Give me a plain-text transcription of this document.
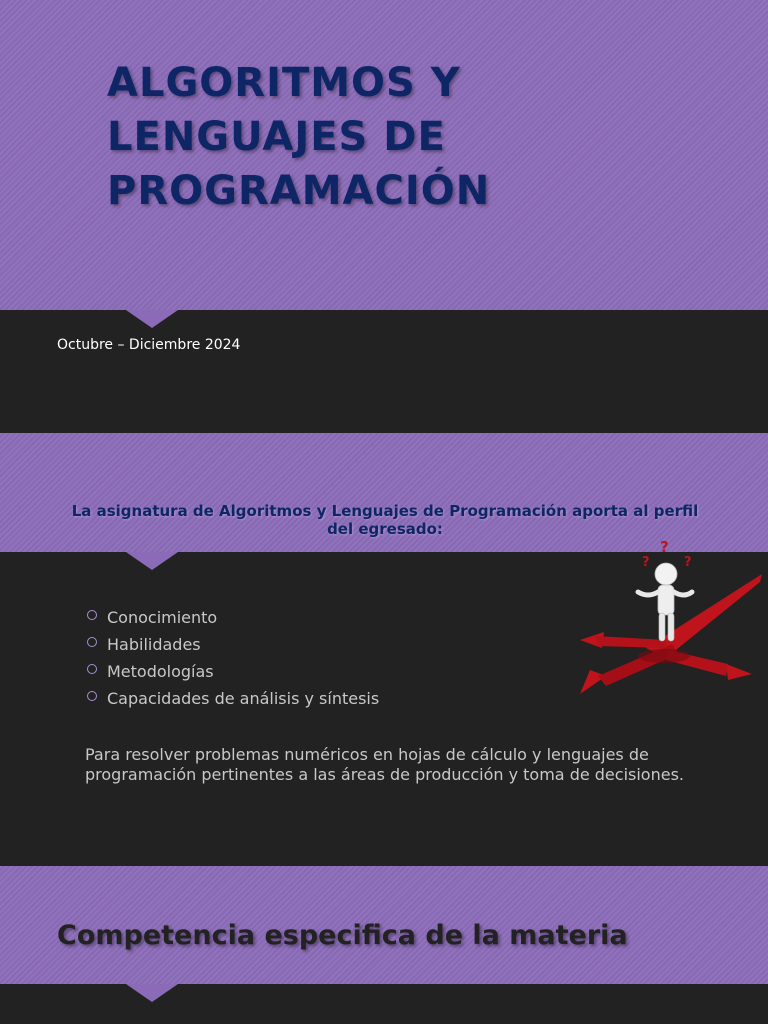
ALGORITMOS Y
LENGUAJES DE
PROGRAMACIÓN
Octubre – Diciembre 2024
La asignatura de Algoritmos y Lenguajes de Programación aporta al perfil del egresado:
Conocimiento
Habilidades
Metodologías
Capacidades de análisis y síntesis
Para resolver problemas numéricos en hojas de cálculo y lenguajes de programación pertinentes a las áreas de producción y toma de decisiones.
?
?
?
Competencia especifica de la materia
